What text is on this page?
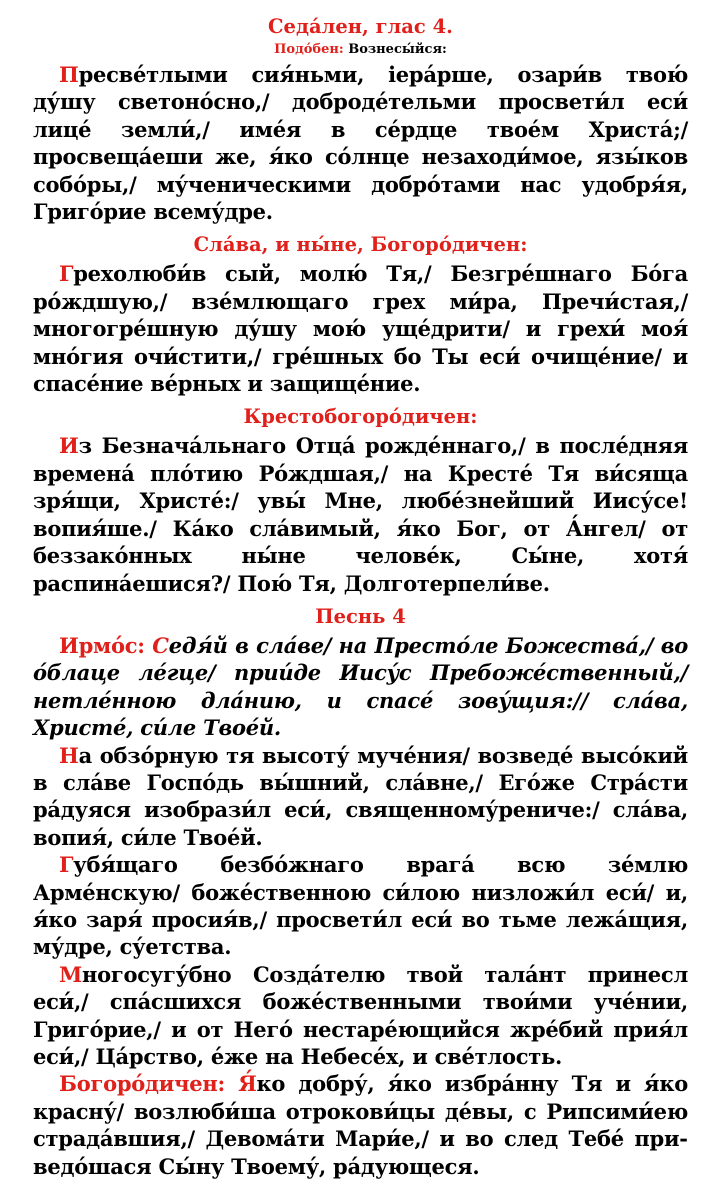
Седа́лен, глас 4.
Подо́бен: Вознесы́йся:

Пресве́тлыми сия́ньми, iера́рше, озари́в твою́ ду́шу светоно́сно,/ доброде́тельми просвети́л еси́ лице́ земли́,/ име́я в се́рдце твое́м Христа́;/ просвеща́еши же, я́ко со́лнце незаходи́мое, язы́ков собо́ры,/ му́ченическими добро́тами нас удобря́я, Григо́рие всему́дре.

Сла́ва, и ны́не, Богоро́дичен:

Грехолюби́в сый, молю́ Тя,/ Безгре́шнаго Бо́га ро́ждшую,/ взе́млющаго грех ми́ра, Пречи́стая,/ многогре́шную ду́шу мою́ уще́дрити/ и грехи́ моя́ мно́гия очи́стити,/ гре́шных бо Ты еси́ очище́ние/ и спасе́ние ве́рных и защище́ние.

Крестобогоро́дичен:

Из Безнача́льнаго Отца́ рожде́ннаго,/ в после́дняя времена́ пло́тию Ро́ждшая,/ на Кресте́ Тя ви́сяща зря́щи, Христе́:/ увы́ Мне, любе́знейший Иису́се! вопия́ше./ Ка́ко сла́вимый, я́ко Бог, от А́нгел/ от беззако́нных ны́не челове́к, Сы́не, хотя́ распина́ешися?/ Пою́ Тя, Долготерпели́ве.

Песнь 4

Ирмо́с: Седя́й в сла́ве/ на Престо́ле Божества́,/ во о́блаце ле́гце/ прии́де Иису́с Пребоже́ственный,/ нетле́нною дла́нию, и спасе́ зову́щия:// сла́ва, Христе́, си́ле Твое́й.

На обзо́рную тя высоту́ муче́ния/ возведе́ высо́кий в сла́ве Госпо́дь вы́шний, сла́вне,/ Его́же Стра́сти ра́дуяся изобрази́л еси́, священному́рениче:/ сла́ва, вопия́, си́ле Твое́й.

Губя́щаго безбо́жнаго врага́ всю зе́млю Арме́нскую/ боже́ственною си́лою низложи́л еси́/ и, я́ко заря́ просия́в,/ просвети́л еси́ во тьме лежа́щия, му́дре, су́етства.

Многосугу́бно Созда́телю твой тала́нт принесл еси́,/ спа́сшихся боже́ственными твои́ми уче́нии, Григо́рие,/ и от Него́ нестаре́ющийся жре́бий прия́л еси́,/ Ца́рство, е́же на Небесе́х, и све́тлость.

Богоро́дичен: Я́ко добру́, я́ко избра́нну Тя и я́ко красну́/ возлюби́ша отрокови́цы де́вы, с Рипсими́ею страда́вшия,/ Девома́ти Мари́е,/ и во след Тебе́ приведо́шася Сы́ну Твоему́, ра́дующеся.
